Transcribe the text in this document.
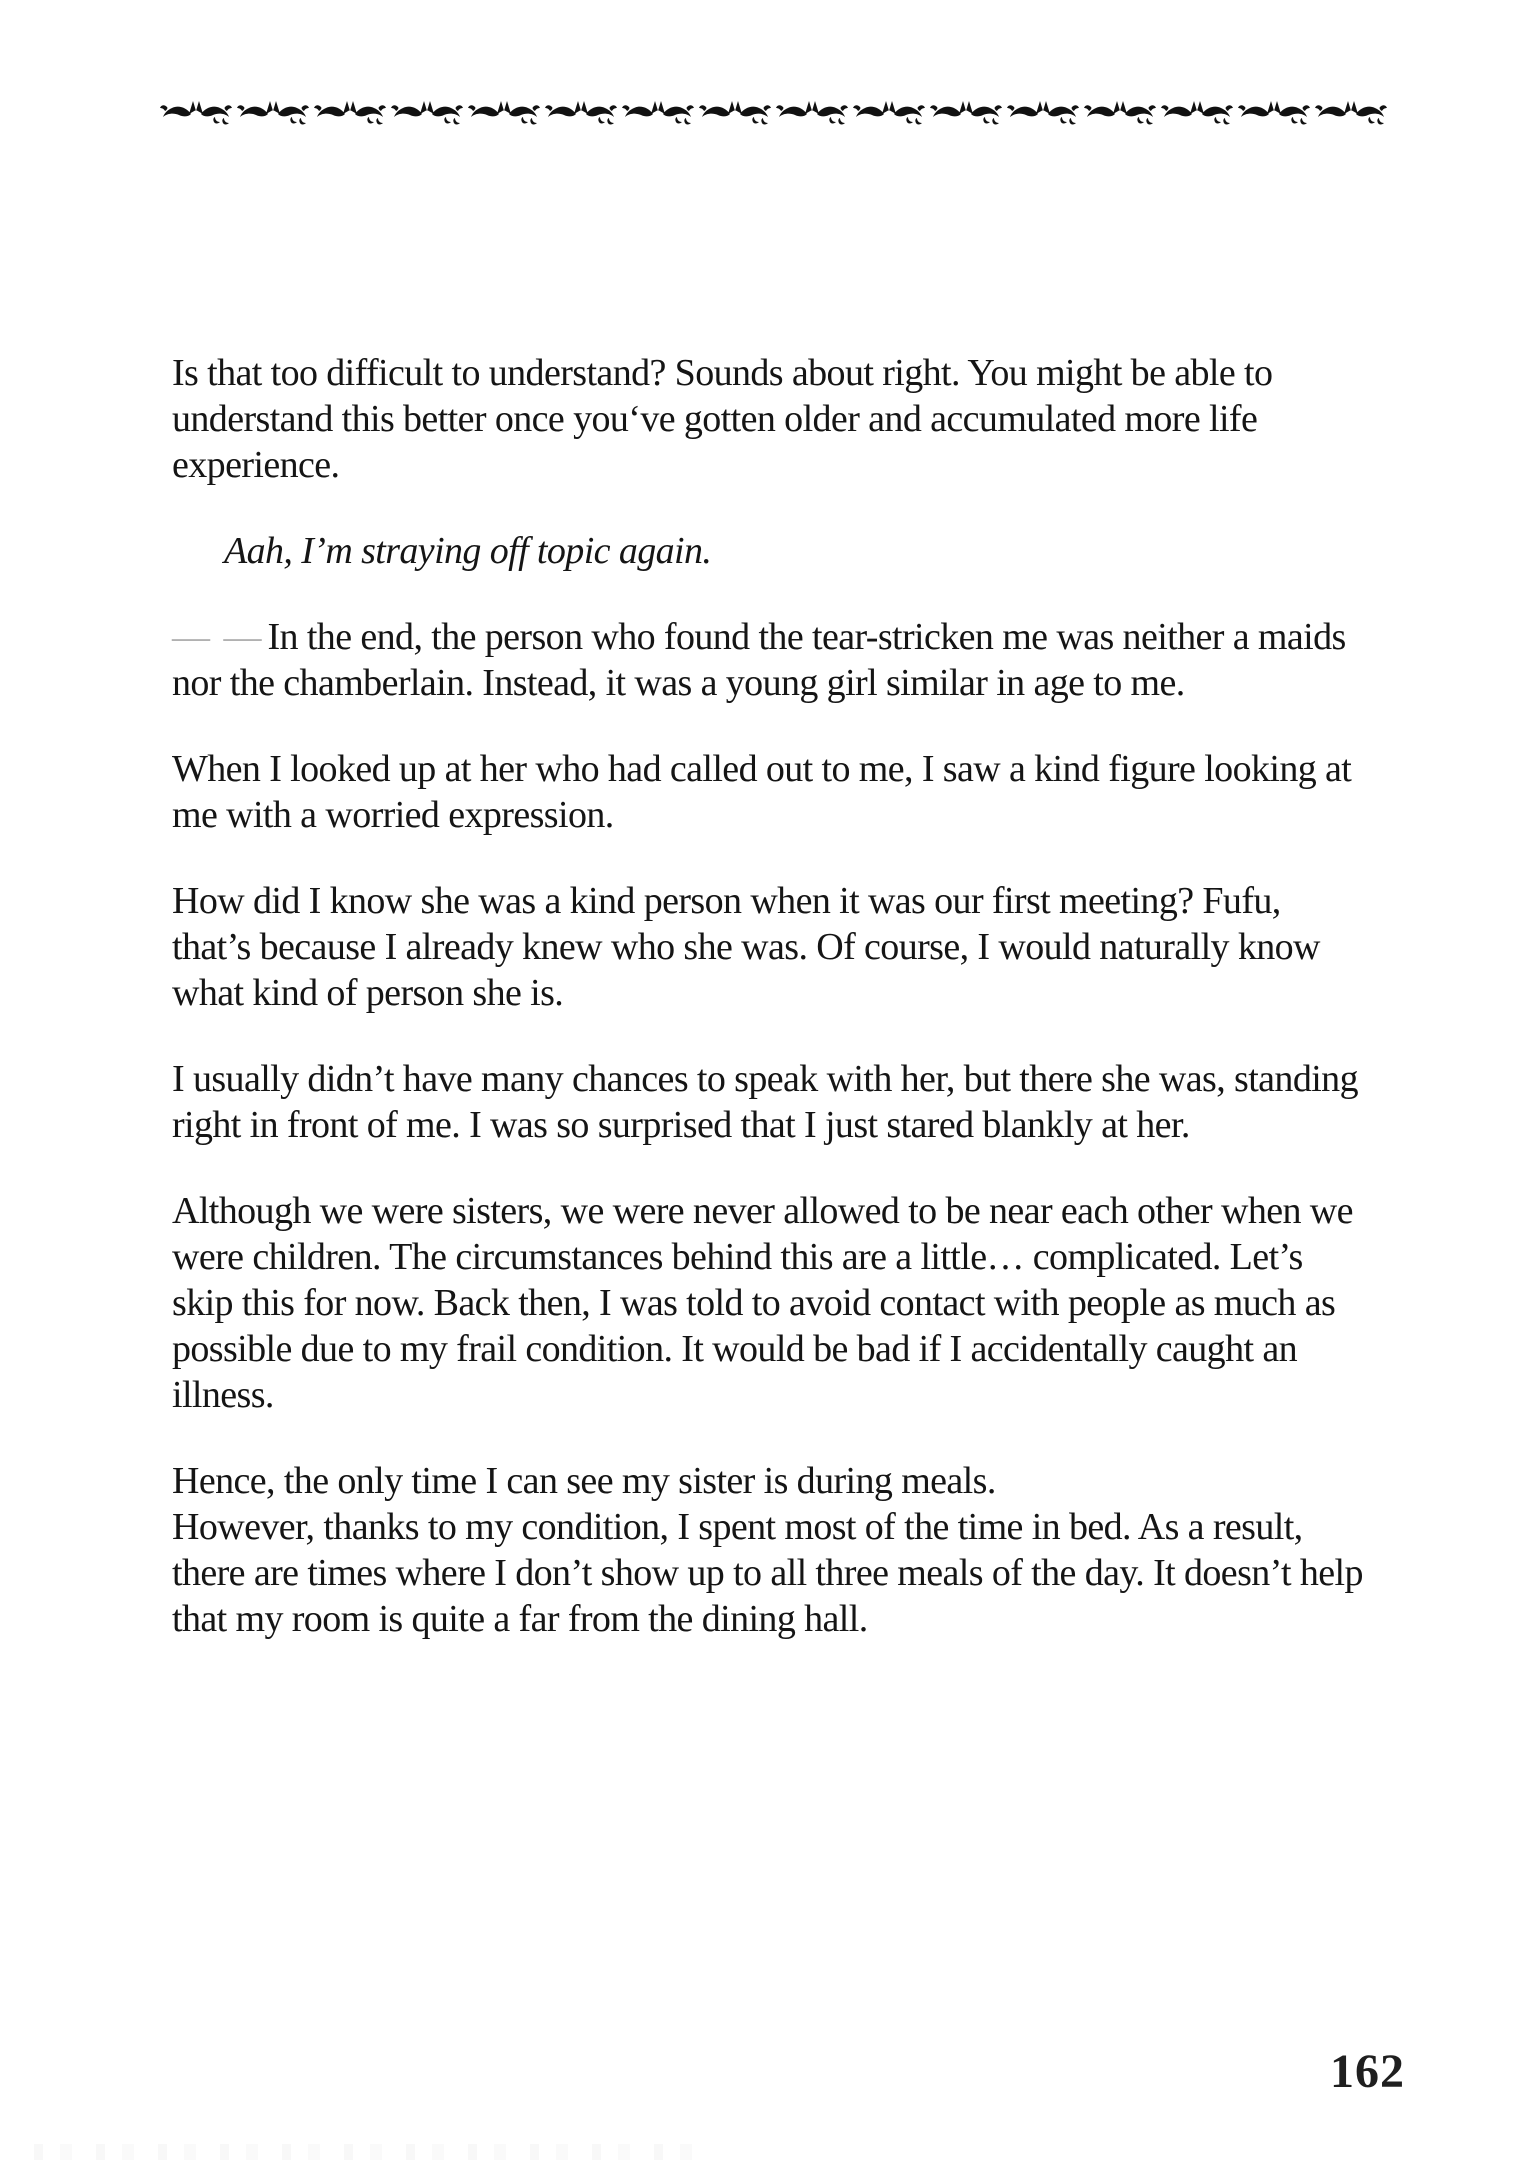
Is that too difficult to understand? Sounds about right. You might be able to understand this better once you‘ve gotten older and accumulated more life experience.

Aah, I’m straying off topic again.

— — In the end, the person who found the tear-stricken me was neither a maids nor the chamberlain. Instead, it was a young girl similar in age to me.

When I looked up at her who had called out to me, I saw a kind figure looking at me with a worried expression.

How did I know she was a kind person when it was our first meeting? Fufu, that’s because I already knew who she was. Of course, I would naturally know what kind of person she is.

I usually didn’t have many chances to speak with her, but there she was, standing right in front of me. I was so surprised that I just stared blankly at her.

Although we were sisters, we were never allowed to be near each other when we were children. The circumstances behind this are a little… complicated. Let’s skip this for now. Back then, I was told to avoid contact with people as much as possible due to my frail condition. It would be bad if I accidentally caught an illness.

Hence, the only time I can see my sister is during meals.
However, thanks to my condition, I spent most of the time in bed. As a result, there are times where I don’t show up to all three meals of the day. It doesn’t help that my room is quite a far from the dining hall.

162
